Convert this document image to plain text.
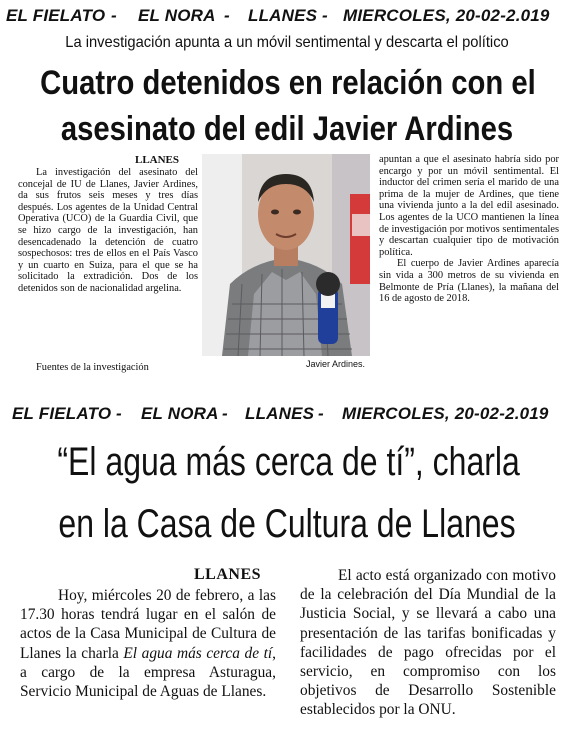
EL FIELATO - EL NORA - LLANES - MIERCOLES, 20-02-2.019
La investigación apunta a un móvil sentimental y descarta el político
Cuatro detenidos en relación con el
asesinato del edil Javier Ardines
LLANES

La investigación del asesinato del concejal de IU de Llanes, Javier Ardines, da sus frutos seis meses y tres días después. Los agentes de la Unidad Central Operativa (UCO) de la Guardia Civil, que se hizo cargo de la investigación, han desencadenado la detención de cuatro sospechosos: tres de ellos en el País Vasco y un cuarto en Suiza, para el que se ha solicitado la extradición. Dos de los detenidos son de nacionalidad argelina.

Fuentes de la investigación	Javier Ardines.

apuntan a que el asesinato habría sido por encargo y por un móvil sentimental. El inductor del crimen sería el marido de una prima de la mujer de Ardines, que tiene una vivienda junto a la del edil asesinado. Los agentes de la UCO mantienen la línea de investigación por motivos sentimentales y descartan cualquier tipo de motivación política.

El cuerpo de Javier Ardines aparecía sin vida a 300 metros de su vivienda en Belmonte de Pría (Llanes), la mañana del 16 de agosto de 2018.

EL FIELATO - EL NORA - LLANES - MIERCOLES, 20-02-2.019
“El agua más cerca de tí”, charla
en la Casa de Cultura de Llanes
LLANES

Hoy, miércoles 20 de febrero, a las 17.30 horas tendrá lugar en el salón de actos de la Casa Municipal de Cultura de Llanes la charla El agua más cerca de tí, a cargo de la empresa Asturagua, Servicio Municipal de Aguas de Llanes.

El acto está organizado con motivo de la celebración del Día Mundial de la Justicia Social, y se llevará a cabo una presentación de las tarifas bonificadas y facilidades de pago ofrecidas por el servicio, en compromiso con los objetivos de Desarrollo Sostenible establecidos por la ONU.
